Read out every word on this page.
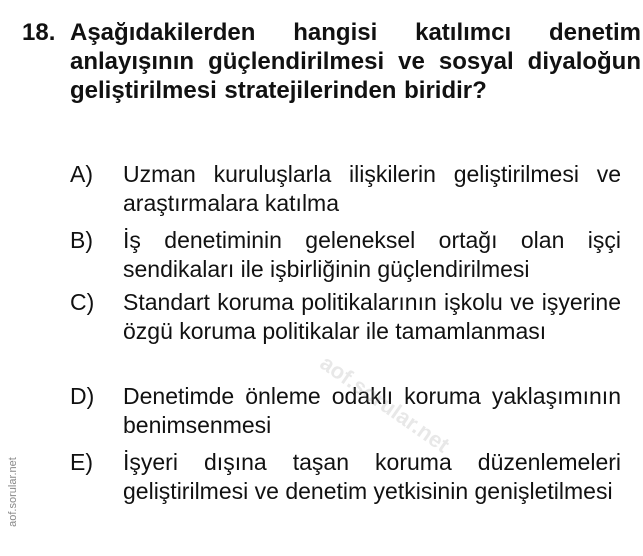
18. Aşağıdakilerden hangisi katılımcı denetim anlayışının güçlendirilmesi ve sosyal diyaloğun geliştirilmesi stratejilerinden biridir?
A)	Uzman kuruluşlarla ilişkilerin geliştirilmesi ve araştırmalara katılma
B)	İş denetiminin geleneksel ortağı olan işçi sendikaları ile işbirliğinin güçlendirilmesi
C)	Standart koruma politikalarının işkolu ve işyerine özgü koruma politikalar ile tamamlanması
D)	Denetimde önleme odaklı koruma yaklaşımının benimsenmesi
E)	İşyeri dışına taşan koruma düzenlemeleri geliştirilmesi ve denetim yetkisinin genişletilmesi
aof.sorular.net
aof.sorular.net
